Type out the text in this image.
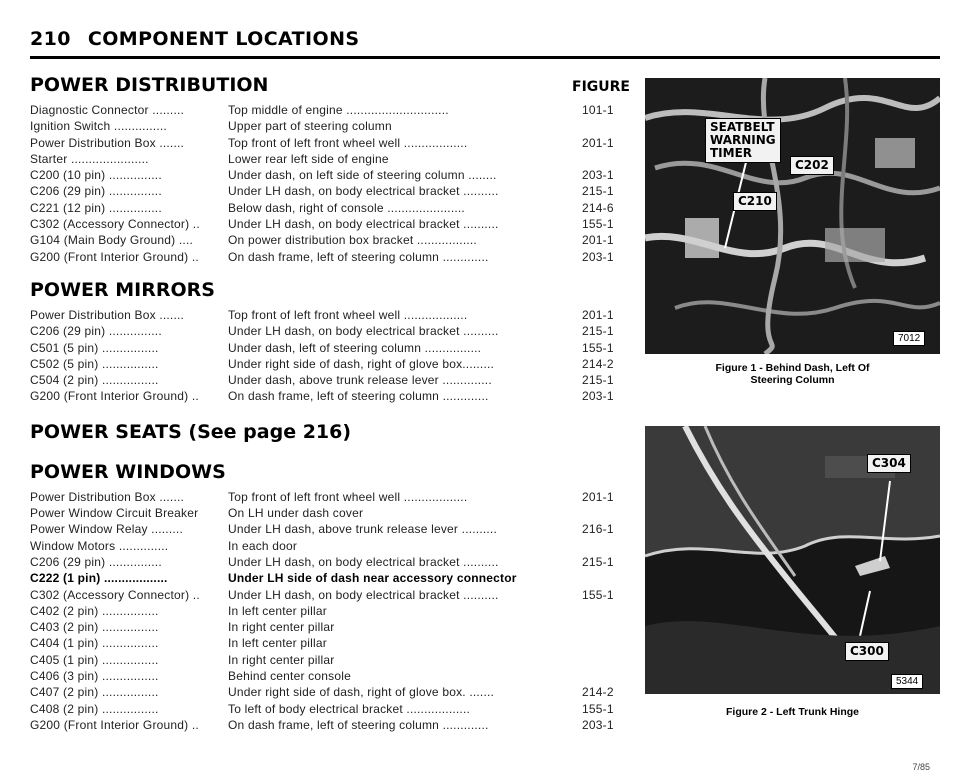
210 COMPONENT LOCATIONS
POWER DISTRIBUTION	FIGURE
Diagnostic Connector .........	Top middle of engine .............................	101-1
Ignition Switch ...............	Upper part of steering column
Power Distribution Box .......	Top front of left front wheel well ..................	201-1
Starter ......................	Lower rear left side of engine
C200 (10 pin) ...............	Under dash, on left side of steering column ........	203-1
C206 (29 pin) ...............	Under LH dash, on body electrical bracket ..........	215-1
C221 (12 pin) ...............	Below dash, right of console ......................	214-6
C302 (Accessory Connector) ..	Under LH dash, on body electrical bracket ..........	155-1
G104 (Main Body Ground) ....	On power distribution box bracket .................	201-1
G200 (Front Interior Ground) ..	On dash frame, left of steering column .............	203-1
POWER MIRRORS
Power Distribution Box .......	Top front of left front wheel well ..................	201-1
C206 (29 pin) ...............	Under LH dash, on body electrical bracket ..........	215-1
C501 (5 pin) ................	Under dash, left of steering column ................	155-1
C502 (5 pin) ................	Under right side of dash, right of glove box.........	214-2
C504 (2 pin) ................	Under dash, above trunk release lever ..............	215-1
G200 (Front Interior Ground) ..	On dash frame, left of steering column .............	203-1
POWER SEATS (See page 216)
POWER WINDOWS
Power Distribution Box .......	Top front of left front wheel well ..................	201-1
Power Window Circuit Breaker	On LH under dash cover
Power Window Relay .........	Under LH dash, above trunk release lever ..........	216-1
Window Motors ..............	In each door
C206 (29 pin) ...............	Under LH dash, on body electrical bracket ..........	215-1
C222 (1 pin) ..................	Under LH side of dash near accessory connector
C302 (Accessory Connector) ..	Under LH dash, on body electrical bracket ..........	155-1
C402 (2 pin) ................	In left center pillar
C403 (2 pin) ................	In right center pillar
C404 (1 pin) ................	In left center pillar
C405 (1 pin) ................	In right center pillar
C406 (3 pin) ................	Behind center console
C407 (2 pin) ................	Under right side of dash, right of glove box. .......	214-2
C408 (2 pin) ................	To left of body electrical bracket ..................	155-1
G200 (Front Interior Ground) ..	On dash frame, left of steering column .............	203-1
SEATBELT
WARNING
TIMER
C202
C210
7012
Figure 1 - Behind Dash, Left Of
Steering Column
C304
C300
5344
Figure 2 - Left Trunk Hinge
7/85
